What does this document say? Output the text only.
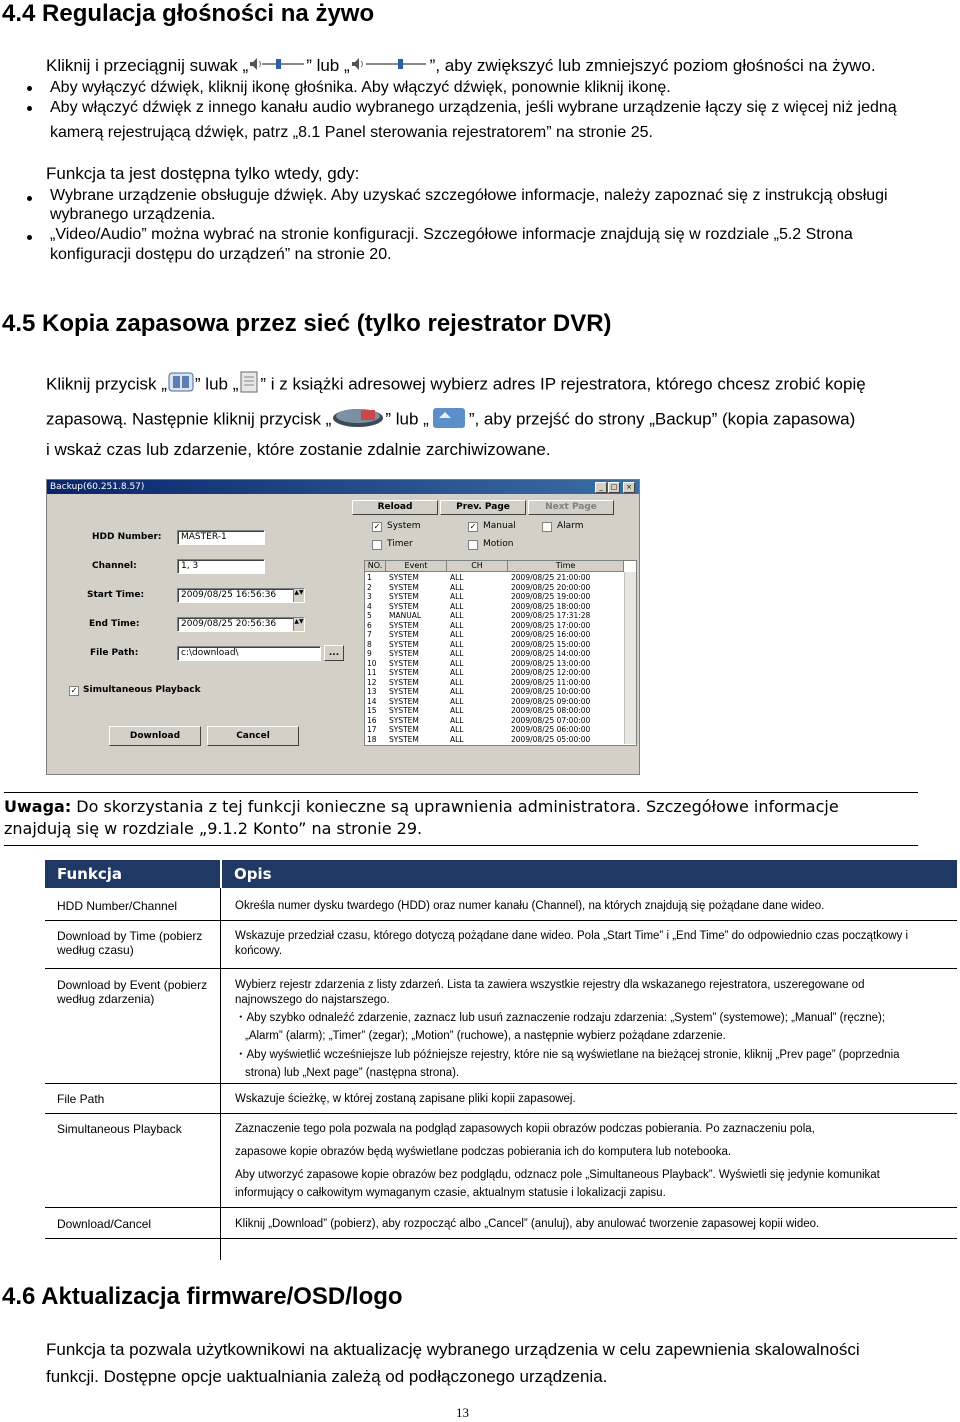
4.4 Regulacja głośności na żywo
Kliknij i przeciągnij suwak „	” lub „	”, aby zwiększyć lub zmniejszyć poziom głośności na żywo.
Aby wyłączyć dźwięk, kliknij ikonę głośnika. Aby włączyć dźwięk, ponownie kliknij ikonę.
Aby włączyć dźwięk z innego kanału audio wybranego urządzenia, jeśli wybrane urządzenie łączy się z więcej niż jedną
kamerą rejestrującą dźwięk, patrz „8.1 Panel sterowania rejestratorem” na stronie 25.
Funkcja ta jest dostępna tylko wtedy, gdy:
Wybrane urządzenie obsługuje dźwięk. Aby uzyskać szczegółowe informacje, należy zapoznać się z instrukcją obsługi
wybranego urządzenia.
„Video/Audio” można wybrać na stronie konfiguracji. Szczegółowe informacje znajdują się w rozdziale „5.2 Strona
konfiguracji dostępu do urządzeń” na stronie 20.
4.5 Kopia zapasowa przez sieć (tylko rejestrator DVR)
Kliknij przycisk „ ” lub „ ” i z książki adresowej wybierz adres IP rejestratora, którego chcesz zrobić kopię
zapasową. Następnie kliknij przycisk „	” lub „ ”, aby przejść do strony „Backup” (kopia zapasowa)
i wskaż czas lub zdarzenie, które zostanie zdalnie zarchiwizowane.
Backup(60.251.8.57)	_	□	×
HDD Number:	MASTER-1
Channel:	1, 3
Start Time:	2009/08/25 16:56:36	▲▼
End Time:	2009/08/25 20:56:36	▲▼
File Path:	c:\download\	...
✓ Simultaneous Playback
Download	Cancel
Reload	Prev. Page	Next Page
✓ System	✓ Manual	Alarm
Timer	Motion
NO.	Event	CH	Time
1 SYSTEM	ALL	2009/08/25 21:00:00
2 SYSTEM	ALL	2009/08/25 20:00:00
3 SYSTEM	ALL	2009/08/25 19:00:00
4 SYSTEM	ALL	2009/08/25 18:00:00
5 MANUAL	ALL	2009/08/25 17:31:28
6 SYSTEM	ALL	2009/08/25 17:00:00
7 SYSTEM	ALL	2009/08/25 16:00:00
8 SYSTEM	ALL	2009/08/25 15:00:00
9 SYSTEM	ALL	2009/08/25 14:00:00
10 SYSTEM	ALL	2009/08/25 13:00:00
11 SYSTEM	ALL	2009/08/25 12:00:00
12 SYSTEM	ALL	2009/08/25 11:00:00
13 SYSTEM	ALL	2009/08/25 10:00:00
14 SYSTEM	ALL	2009/08/25 09:00:00
15 SYSTEM	ALL	2009/08/25 08:00:00
16 SYSTEM	ALL	2009/08/25 07:00:00
17 SYSTEM	ALL	2009/08/25 06:00:00
18 SYSTEM	ALL	2009/08/25 05:00:00
Uwaga: Do skorzystania z tej funkcji konieczne są uprawnienia administratora. Szczegółowe informacje
znajdują się w rozdziale „9.1.2 Konto” na stronie 29.
Funkcja	Opis
HDD Number/Channel	Określa numer dysku twardego (HDD) oraz numer kanału (Channel), na których znajdują się pożądane dane wideo.
Download by Time (pobierz
według czasu)
Wskazuje przedział czasu, którego dotyczą pożądane dane wideo. Pola „Start Time” i „End Time” do odpowiednio czas początkowy i
końcowy.
Download by Event (pobierz
według zdarzenia)
Wybierz rejestr zdarzenia z listy zdarzeń. Lista ta zawiera wszystkie rejestry dla wskazanego rejestratora, uszeregowane od
najnowszego do najstarszego.
・Aby szybko odnaleźć zdarzenie, zaznacz lub usuń zaznaczenie rodzaju zdarzenia: „System” (systemowe); „Manual” (ręczne);
„Alarm” (alarm); „Timer” (zegar); „Motion” (ruchowe), a następnie wybierz pożądane zdarzenie.
・Aby wyświetlić wcześniejsze lub późniejsze rejestry, które nie są wyświetlane na bieżącej stronie, kliknij „Prev page” (poprzednia
strona) lub „Next page” (następna strona).
File Path	Wskazuje ścieżkę, w której zostaną zapisane pliki kopii zapasowej.
Simultaneous Playback	Zaznaczenie tego pola pozwala na podgląd zapasowych kopii obrazów podczas pobierania. Po zaznaczeniu pola,
zapasowe kopie obrazów będą wyświetlane podczas pobierania ich do komputera lub notebooka.
Aby utworzyć zapasowe kopie obrazów bez podglądu, odznacz pole „Simultaneous Playback”. Wyświetli się jedynie komunikat
informujący o całkowitym wymaganym czasie, aktualnym statusie i lokalizacji zapisu.
Download/Cancel	Kliknij „Download” (pobierz), aby rozpocząć albo „Cancel” (anuluj), aby anulować tworzenie zapasowej kopii wideo.
4.6 Aktualizacja firmware/OSD/logo
Funkcja ta pozwala użytkownikowi na aktualizację wybranego urządzenia w celu zapewnienia skalowalności
funkcji. Dostępne opcje uaktualniania zależą od podłączonego urządzenia.
13
